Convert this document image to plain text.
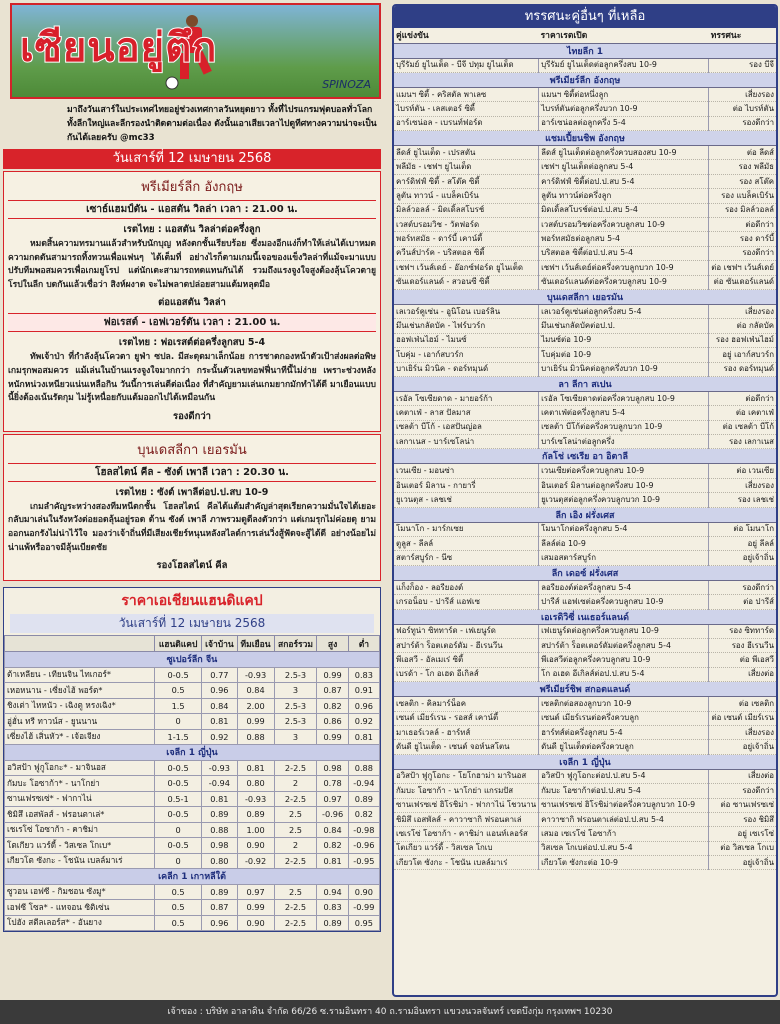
เซียนอยู่ตึก
SPINOZA
มาถึงวันเสาร์ในประเทศไทยอยู่ช่วงเทศกาลวันหยุดยาว ทั้งที่ไปรแกรมฟุตบอลทั่วโลกทั้งลีกใหญ่และลีกรองนำติดตามต่อเนื่อง ดังนั้นเอาเสียเวลาไปดูทีศทางความน่าจะเป็นกันได้เลยครับ @mc33
วันเสาร์ที่ 12 เมษายน 2568
พรีเมียร์ลีก อังกฤษ
เซาธ์แฮมป์ตัน - แอสตัน วิลล่า เวลา : 21.00 น.
เรตไทย : แอสตัน วิลล่าต่อครึ่งลูก
หมดสิ้นความทรมานแล้วสำหรับนักบุญ หลังตกชั้นเรียบร้อย ซึ่งมองอีกแง่ก็ทำให้เล่นได้เบาหมดความกดดันสามารถทิ้งทวนเพื่อแฟนๆ ได้เต็มที่ อย่างไรก็ตามเกมนี้เจอของแข็งวิลล่าที่แม้จะมาแบบปรับทีมพอสมควรเพื่อเกมยูโรป แต่นักเตะสามารถทดแทนกันได้ รวมถึงแรงจูงใจสูงต้องลุ้นโควตายูโรปในลีก บดกันแล้วเชื่อว่า สิงห์ผงาด จะไม่พลาดปล่อยสามแต้มหลุดมือ
ต่อแอสตัน วิลล่า
ฟอเรสต์ - เอฟเวอร์ตัน เวลา : 21.00 น.
เรตไทย : ฟอเรสต์ต่อครึ่งลูกสบ 5-4
ทัพเจ้าป่า ที่กำลังลุ้นโควตา ยูฟ่า ซปล. มีสะดุดมาเล็กน้อย การชาตกองหน้าตัวเป้าส่งผลต่อพิษเกมรุกพอสมควร แม้เล่นในบ้านแรงจูงใจมากกว่า กระนั้นตัวเลขทอฟฟี่นาทีนี้ไม่ง่าย เพราะช่วงหลังหนักหน่วงเหนียวแน่นเหลือกิน วันนี้การเล่นตีต่อเนื่อง ที่สำคัญยามเล่นเกมยากมักทำได้ดี มาเยือนแบบนี้ยิ่งต้องเน้นรัดกุม ไม่รู้เหนื่อยกับแต้มออกไปได้เหมือนกัน
รองดีกว่า
บุนเดสลีกา เยอรมัน
โฮลสไตน์ คีล - ซังต์ เพาลี เวลา : 20.30 น.
เรตไทย : ซังต์ เพาลีต่อป.ป.สบ 10-9
เกมลำคัญระหว่างสองทีมหนีตกชั้น โฮลสไตน์ คีลได้แต้มสำคัญล่าสุดเรียกความมั่นใจได้เยอะ กลับมาเล่นในรังหวังต่อยอดลุ้นอยู่รอด ด้าน ซังต์ เพาลี ภาพรวมดูดีลงตัวกว่า แต่เกมรุกไม่ค่อยดุ ยามออกนอกรังไม่น่าไว้ใจ มองว่าเจ้าถิ่นที่มีเสียงเชียร์หนุนหลังสไลด์การเล่นวิ่งสู้ฟัดจะสู้ได้ดี อย่างน้อยไม่น่าแพ้หรืออาจมีลุ้นเบียดชัย
รองโฮลสไตน์ คีล
ราคาเอเชียนแฮนดิแคป
วันเสาร์ที่ 12 เมษายน 2568
	แฮนดิแคป	เจ้าบ้าน	ทีมเยือน	สกอร์รวม	สูง	ต่ำ
ซูเปอร์ลีก จีน						
ต้าเหลียน - เทียนจิน ไทเกอร์*	0-0.5	0.77	-0.93	2.5-3	0.99	0.83
เหอหนาน - เซี่ยงไฮ้ พอร์ต*	0.5	0.96	0.84	3	0.87	0.91
ชิงเต่า ไหหนัว - เฉิงตู หรงเฉิง*	1.5	0.84	2.00	2.5-3	0.82	0.96
อู่ฮั่น ทรี ทาวน์ส - ยูนนาน	0	0.81	0.99	2.5-3	0.86	0.92
เซี่ยงไฮ้ เสิ่นหัว* - เจ้อเจียง	1-1.5	0.92	0.88	3	0.99	0.81
เจลีก 1 ญี่ปุ่น						
อวิสป้า ฟูกูโอกะ* - มาจินอส	0-0.5	-0.93	0.81	2-2.5	0.98	0.88
กัมบะ โอซาก้า* - นาโกย่า	0-0.5	-0.94	0.80	2	0.78	-0.94
ซานเฟรซเซ่* - ฟากาไน่	0.5-1	0.81	-0.93	2-2.5	0.97	0.89
ชิมิสึ เอสพัลส์ - ฟรอนตาเล่*	0-0.5	0.89	0.89	2.5	-0.96	0.82
เชเรโซ่ โอซาก้า - คาชิม่า	0	0.88	1.00	2.5	0.84	-0.98
โตเกียว แวร์ดี้ - วิสเซล โกเบ*	0-0.5	0.98	0.90	2	0.82	-0.96
เกียวโต ซังกะ - โชนัน เบลล์มาเร่	0	0.80	-0.92	2-2.5	0.81	-0.95
เคลีก 1 เกาหลีใต้						
ซูวอน เอฟซี - กิมชอน ซังมู*	0.5	0.89	0.97	2.5	0.94	0.90
เอฟซี โซล* - แทจอน ซิติเซ่น	0.5	0.87	0.99	2-2.5	0.83	-0.99
โปฮัง สตีลเลอร์ส* - อันยาง	0.5	0.96	0.90	2-2.5	0.89	0.95
ทรรศนะคู่อื่นๆ ที่เหลือ
คู่แข่งขัน	ราคาเรตเปิด	ทรรศนะ
ไทยลีก 1		
บุรีรัมย์ ยูไนเต็ด - บีจี ปทุม ยูไนเต็ด	บุรีรัมย์ ยูไนเต็ดต่อลูกครึ่งสบ 10-9	รอง บีจี
พรีเมียร์ลีก อังกฤษ		
แมนฯ ซิตี้ - คริสตัล พาเลซ	แมนฯ ซิตี้ต่อหนึ่งลูก	เสี่ยงรอง
ไบรท์ตัน - เลสเตอร์ ซิตี้	ไบรท์ตันต่อลูกครึ่งบวก 10-9	ต่อ ไบรท์ตัน
อาร์เซน่อล - เบรนท์ฟอร์ด	อาร์เซน่อลต่อลูกครึ่ง 5-4	รองดีกว่า
แชมเปี้ยนชิพ อังกฤษ		
ลีดส์ ยูไนเต็ด - เปรสตัน	ลีดส์ ยูไนเต็ดต่อลูกครึ่งควบสองสบ 10-9	ต่อ ลีดส์
พลีมัธ - เชฟฯ ยูไนเต็ด	เชฟฯ ยูไนเต็ดต่อลูกสบ 5-4	รอง พลีมัธ
คาร์ดิฟฟ์ ซิตี้ - สโต๊ค ซิตี้	คาร์ดิฟฟ์ ซิตี้ต่อป.ป.สบ 5-4	รอง สโต๊ค
ลูตัน ทาวน์ - แบล็คเบิร์น	ลูตัน ทาวน์ต่อครึ่งลูก	รอง แบล็คเบิร์น
มิลล์วอลล์ - มิดเดิ้ลสโบรช์	มิดเดิ้ลสโบรช์ต่อป.ป.สบ 5-4	รอง มิลล์วอลล์
เวสต์บรอมวิช - วัตฟอร์ด	เวสต์บรอมวิชต่อครึ่งควบลูกสบ 10-9	ต่อดีกว่า
พอร์ทสมัธ - ดาร์บี้ เคาน์ตี้	พอร์ทสมัธต่อลูกสบ 5-4	รอง ดาร์บี้
ควีนส์ปาร์ค - บริสตอล ซิตี้	บริสตอล ซิตี้ต่อป.ป.สบ 5-4	รองดีกว่า
เชฟฯ เว้นส์เดย์ - อ๊อกซ์ฟอร์ด ยูไนเต็ด	เชฟฯ เว้นส์เดย์ต่อครึ่งควบลูกบวก 10-9	ต่อ เชฟฯ เว้นส์เดย์
ซันเดอร์แลนด์ - สวอนซี ซิตี้	ซันเดอร์แลนด์ต่อครึ่งควบลูกสบ 10-9	ต่อ ซันเดอร์แลนด์
บุนเดสลีกา เยอรมัน		
เลเวอร์คูเซ่น - อูนิโอน เบอร์ลิน	เลเวอร์คูเซ่นต่อลูกครึ่งสบ 5-4	เสี่ยงรอง
มึนเช่นกลัดบัค - ไฟร์บวร์ก	มึนเช่นกลัดบัคต่อป.ป.	ต่อ กลัดบัค
ฮอฟเฟ่นไฮม์ - ไมนซ์	ไมนซ์ต่อ 10-9	รอง ฮอฟเฟ่นไฮม์
โบคุ่ม - เอาก์สบวร์ก	โบคุ่มต่อ 10-9	อยู่ เอาก์สบวร์ก
บาเยิร์น มิวนิค - ดอร์ทมุนด์	บาเยิร์น มิวนิคต่อลูกครึ่งบวก 10-9	รอง ดอร์ทมุนด์
ลา ลีกา สเปน		
เรอัล โซเซียดาด - มายอร์ก้า	เรอัล โซเซียดาดต่อครึ่งควบลูกสบ 10-9	ต่อดีกว่า
เคตาเฟ่ - ลาส ปัลมาส	เคตาเฟ่ต่อครึ่งลูกสบ 5-4	ต่อ เคตาเฟ่
เซลต้า บีโก้ - เอสปันญ่อล	เซลต้า บีโก้ต่อครึ่งควบลูกบวก 10-9	ต่อ เซลต้า บีโก้
เลกาเนส - บาร์เซโลน่า	บาร์เซโลน่าต่อลูกครึ่ง	รอง เลกาเนส
กัลโช่ เซเรีย อา อิตาลี		
เวนเซีย - มอนซ่า	เวนเซียต่อครึ่งควบลูกสบ 10-9	ต่อ เวนเซีย
อินเตอร์ มิลาน - กายารี่	อินเตอร์ มิลานต่อลูกครึ่งสบ 10-9	เสี่ยงรอง
ยูเวนตุส - เลชเช่	ยูเวนตุสต่อลูกครึ่งควบลูกบวก 10-9	รอง เลชเช่
ลีก เอิง ฝรั่งเศส		
โมนาโก - มาร์กเซย	โมนาโกต่อครึ่งลูกสบ 5-4	ต่อ โมนาโก
ตูลูส - ลีลล์	ลีลล์ต่อ 10-9	อยู่ ลีลล์
สตาร์สบูร์ก - นีซ	เสมอสตาร์สบูร์ก	อยู่เจ้าถิ่น
ลีก เดอซ์ ฝรั่งเศส		
แก็งก็อง - ลอรียองต์	ลอรียองต์ต่อครึ่งลูกสบ 5-4	รองดีกว่า
เกรอน็อบ - ปารีส์ แอฟเซ	ปารีส์ แอฟเซต่อครึ่งควบลูกสบ 10-9	ต่อ ปารีส์
เอเรดิวิซี่ เนเธอร์แลนด์		
ฟอร์ทูน่า ซิททาร์ด - เฟเยนูร์ด	เฟเยนูร์ดต่อลูกครึ่งควบลูกสบ 10-9	รอง ซิททาร์ด
สปาร์ต้า ร็อตเตอร์ดัม - ฮีเรนวีน	สปาร์ต้า ร็อตเตอร์ดัมต่อครึ่งลูกสบ 5-4	รอง ฮีเรนวีน
พีเอสวี - อัลเมเร่ ซิตี้	พีเอสวีต่อลูกครึ่งควบลูกสบ 10-9	ต่อ พีเอสวี
เบรด้า - โก อเฮด อีเกิลส์	โก อเฮด อีเกิลส์ต่อป.ป.สบ 5-4	เสี่ยงต่อ
พรีเมียร์ชิพ สกอตแลนด์		
เซลติก - คิลมาร์น็อค	เซลติกต่อสองลูกบวก 10-9	ต่อ เซลติก
เซนต์ เมียร์เรน - รอสส์ เคาน์ตี้	เซนต์ เมียร์เรนต่อครึ่งควบลูก	ต่อ เซนต์ เมียร์เรน
มาเธอร์เวลล์ - ฮาร์ทส์	ฮาร์ทส์ต่อครึ่งลูกสบ 5-4	เสี่ยงรอง
ดันดี ยูไนเต็ด - เซนต์ จอห์นสโตน	ดันดี ยูไนเต็ดต่อครึ่งควบลูก	อยู่เจ้าถิ่น
เจลีก 1 ญี่ปุ่น		
อวิสป้า ฟูกูโอกะ - โยโกฮาม่า มารินอส	อวิสป้า ฟูกูโอกะต่อป.ป.สบ 5-4	เสี่ยงต่อ
กัมบะ โอซาก้า - นาโกย่า แกรมปัส	กัมบะ โอซาก้าต่อป.ป.สบ 5-4	รองดีกว่า
ซานเฟรซเซ่ ฮิโรชิม่า - ฟากาไน่ โชวนาน	ซานเฟรซเซ่ ฮิโรชิม่าต่อครึ่งควบลูกบวก 10-9	ต่อ ซานเฟรซเซ่
ชิมิสึ เอสพัลส์ - คาวาซากิ ฟรอนตาเล่	คาวาซากิ ฟรอนตาเล่ต่อป.ป.สบ 5-4	รอง ชิมิสึ
เซเรโซ่ โอซาก้า - คาชิม่า แอนท์เลอร์ส	เสมอ เซเรโซ่ โอซาก้า	อยู่ เซเรโซ่
โตเกียว แวร์ดี้ - วิสเซล โกเบ	วิสเซล โกเบต่อป.ป.สบ 5-4	ต่อ วิสเซล โกเบ
เกียวโต ซังกะ - โชนัน เบลล์มาเร่	เกียวโต ซังกะต่อ 10-9	อยู่เจ้าถิ่น
เจ้าของ : บริษัท อาลาดิน จำกัด 66/26 ซ.รามอินทรา 40 ถ.รามอินทรา แขวงนวลจันทร์ เขตบึงกุ่ม กรุงเทพฯ 10230
